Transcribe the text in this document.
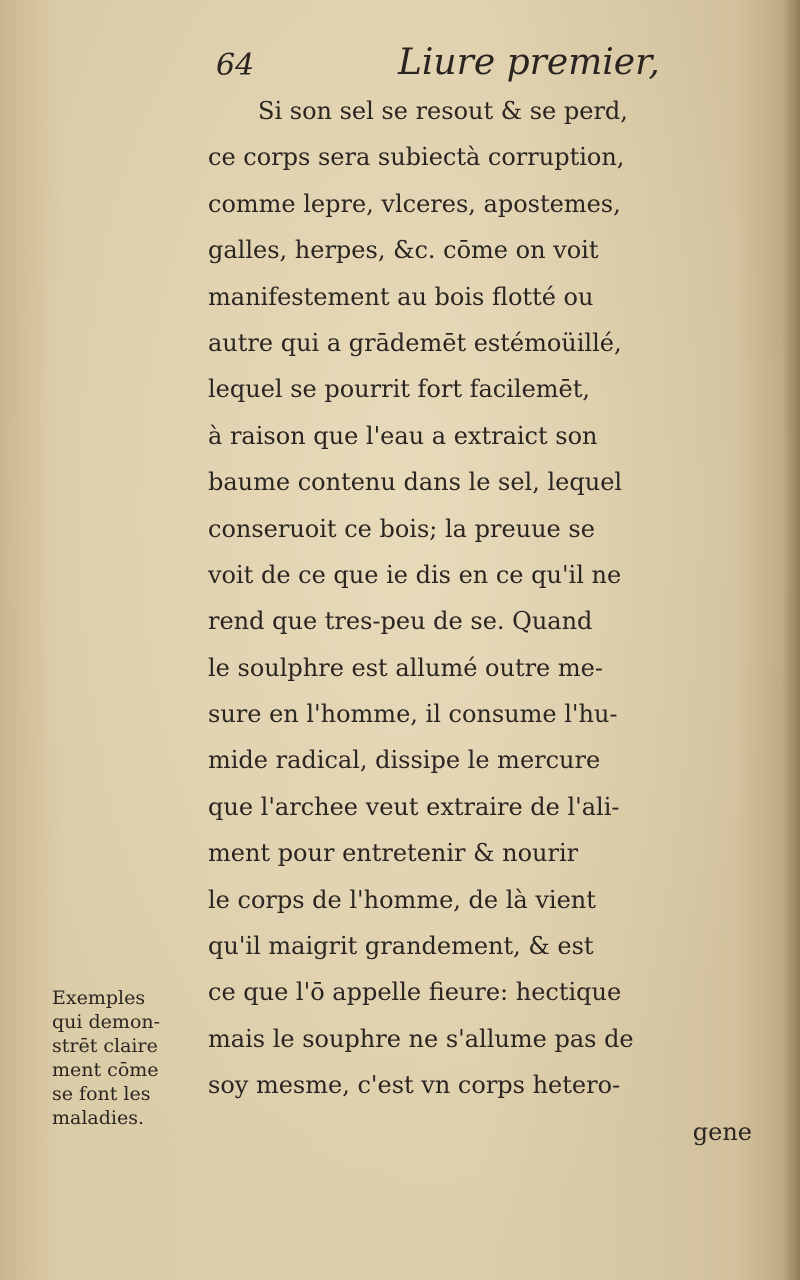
64	Liure premier,
Si son sel se resout & se perd,
ce corps sera subiectà corruption,
comme lepre, vlceres, apostemes,
galles, herpes, &c. cōme on voit
manifestement au bois flotté ou
autre qui a grādemēt estémoüillé,
lequel se pourrit fort facilemēt,
à raison que l'eau a extraict son
baume contenu dans le sel, lequel
conseruoit ce bois; la preuue se
voit de ce que ie dis en ce qu'il ne
rend que tres-peu de se. Quand
le soulphre est allumé outre me-
sure en l'homme, il consume l'hu-
mide radical, dissipe le mercure
que l'archee veut extraire de l'ali-
ment pour entretenir & nourir
le corps de l'homme, de là vient
qu'il maigrit grandement, & est
ce que l'ō appelle fieure: hectique
mais le souphre ne s'allume pas de
soy mesme, c'est vn corps hetero-
gene
Exemples
qui demon-
strēt claire
ment cōme
se font les
maladies.
